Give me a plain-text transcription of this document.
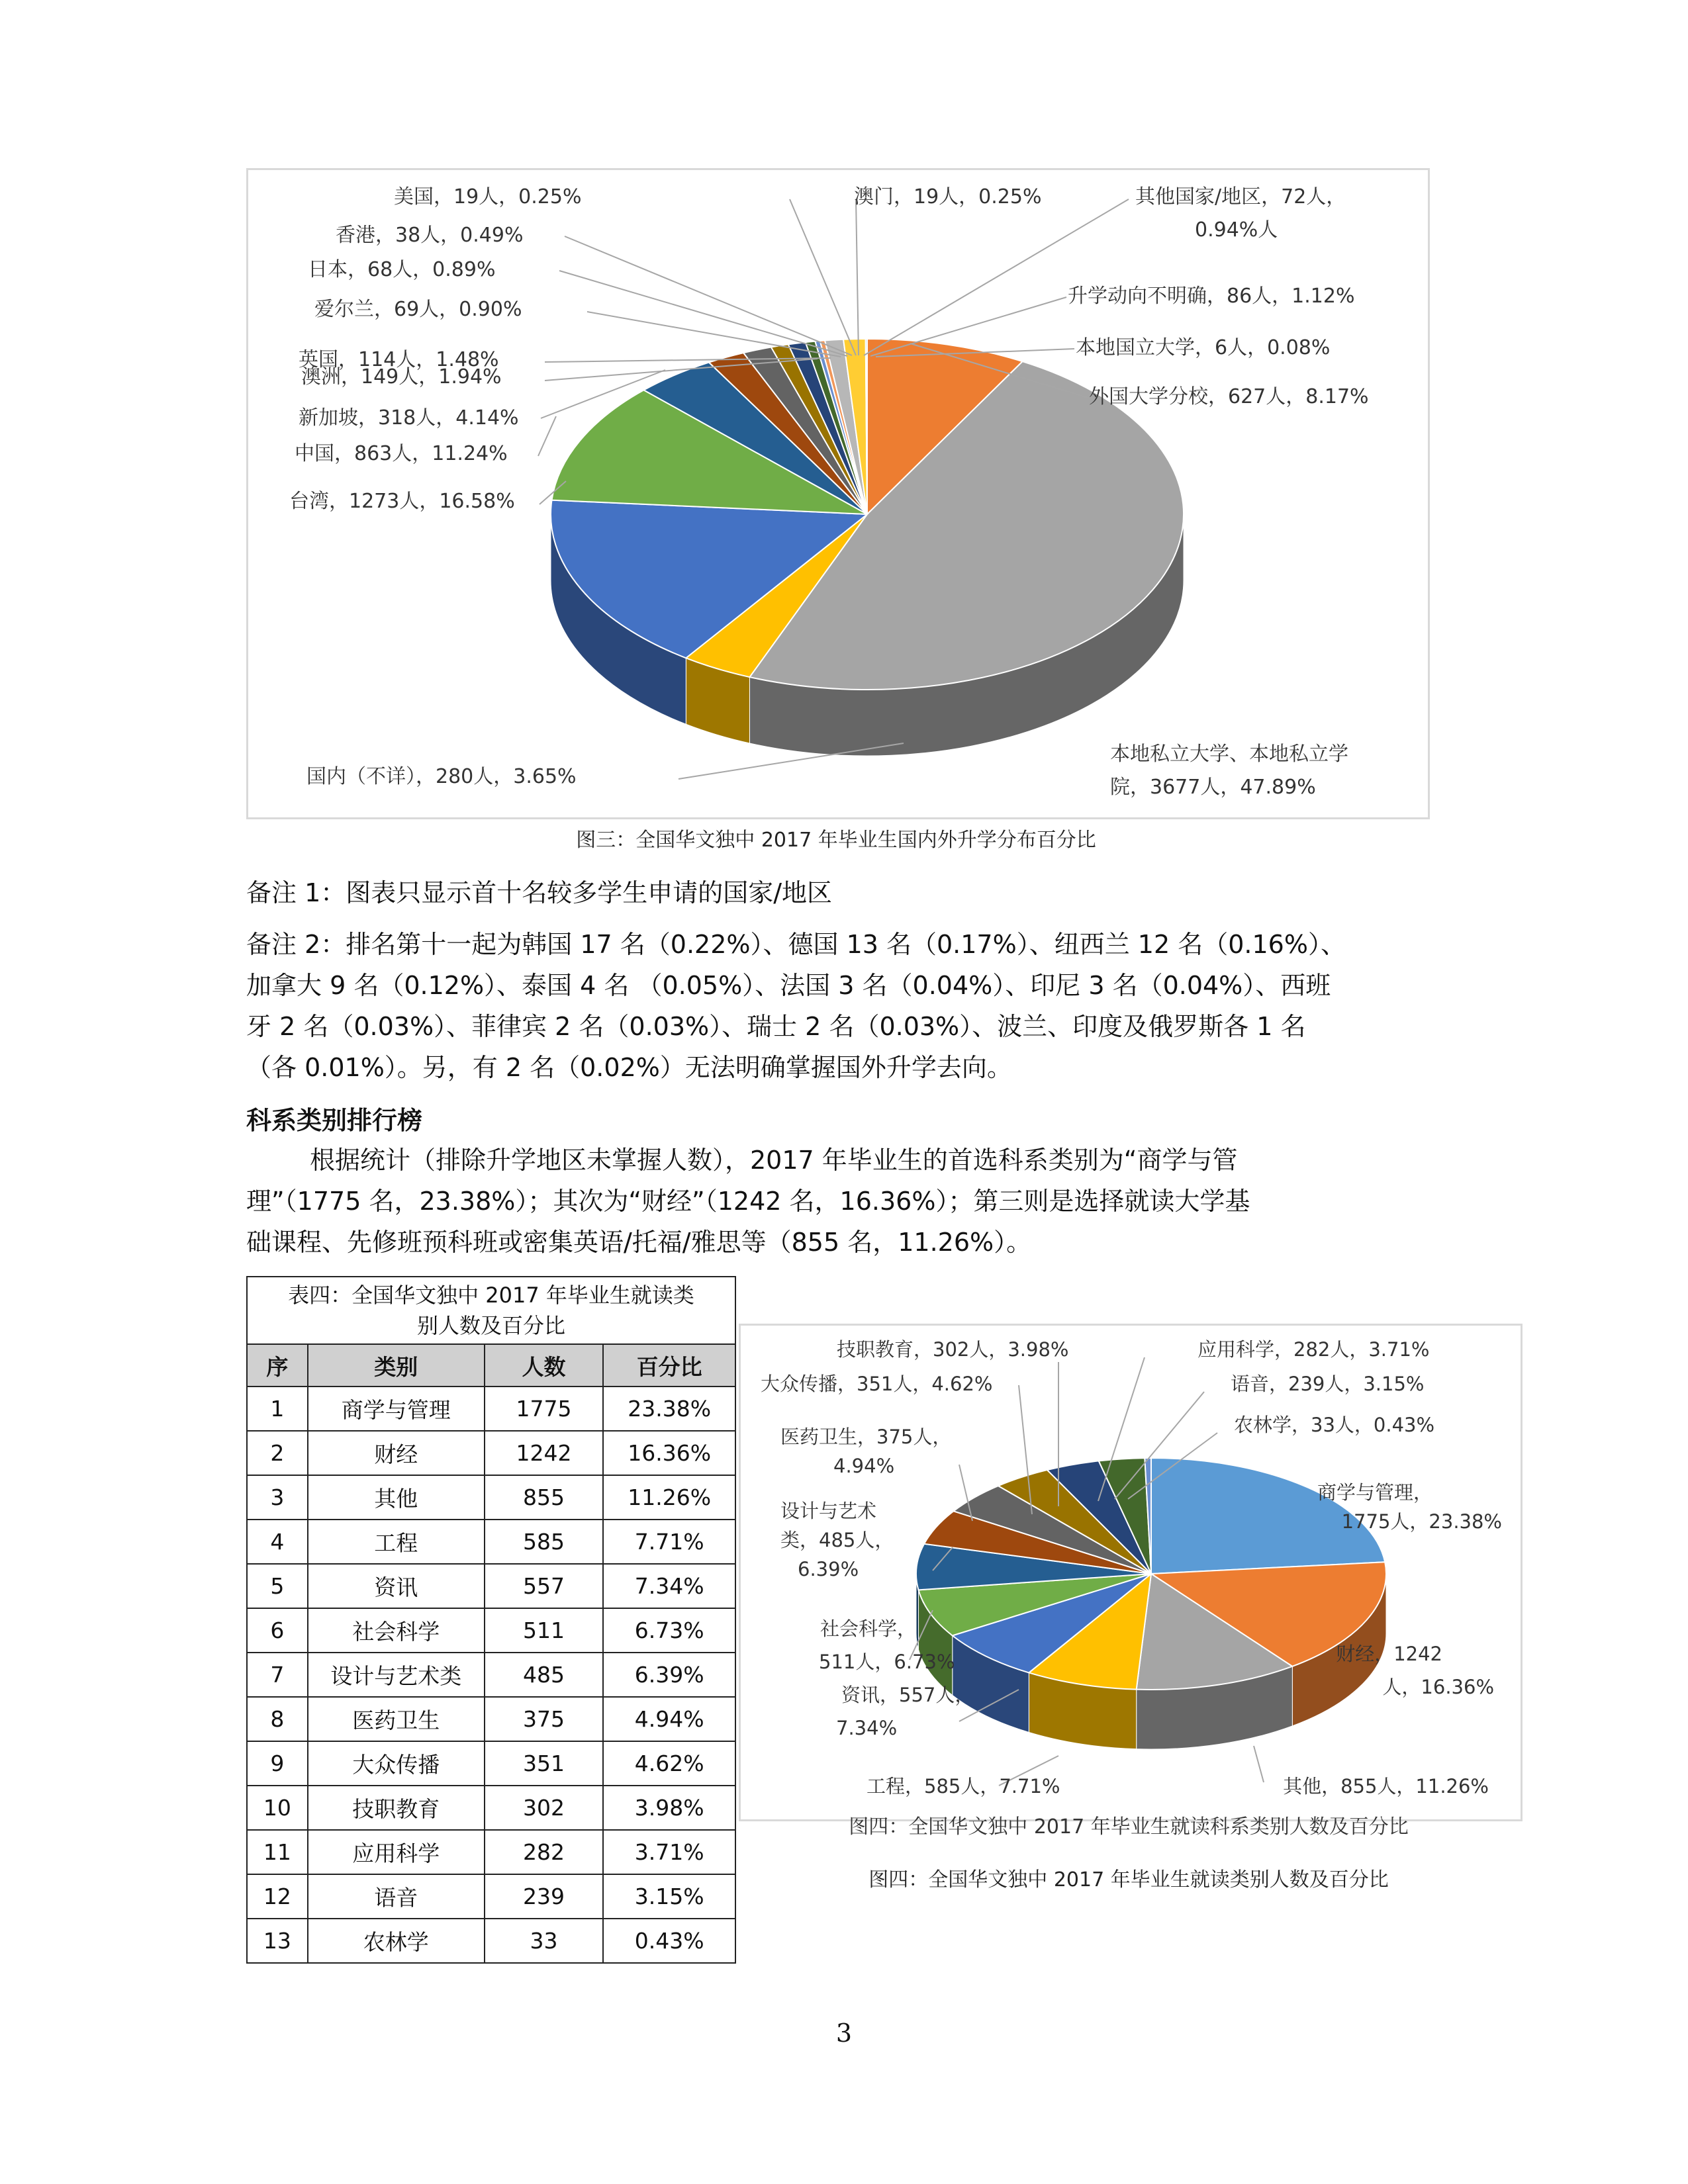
外国大学分校，627人，8.17%
本地私立大学、本地私立学
院，3677人，47.89%
国内（不详），280人，3.65%
台湾，1273人，16.58%
中国，863人，11.24%
新加坡，318人，4.14%
澳洲，149人，1.94%
英国，114人，1.48%
爱尔兰，69人，0.90%
日本，68人，0.89%
香港，38人，0.49%
美国，19人，0.25%	澳门，19人，0.25%	其他国家/地区，72人，
0.94%人
升学动向不明确，86人，1.12%
本地国立大学，6人，0.08%
图三：全国华文独中 2017 年毕业生国内外升学分布百分比
备注 1：图表只显示首十名较多学生申请的国家/地区
备注 2：排名第十一起为韩国 17 名（0.22%）、德国 13 名（0.17%）、纽西兰 12 名（0.16%）、
加拿大 9 名（0.12%）、泰国 4 名 （0.05%）、法国 3 名（0.04%）、印尼 3 名（0.04%）、西班
牙 2 名（0.03%）、菲律宾 2 名（0.03%）、瑞士 2 名（0.03%）、波兰、印度及俄罗斯各 1 名
（各 0.01%）。另，有 2 名（0.02%）无法明确掌握国外升学去向。
科系类别排行榜
根据统计（排除升学地区未掌握人数），2017 年毕业生的首选科系类别为“商学与管
理”（1775 名，23.38%）；其次为“财经”（1242 名，16.36%）；第三则是选择就读大学基
础课程、先修班预科班或密集英语/托福/雅思等（855 名，11.26%）。
表四：全国华文独中 2017 年毕业生就读类
别人数及百分比
序	类别	人数	百分比
1	商学与管理	1775	23.38%
2	财经	1242	16.36%
3	其他	855	11.26%
4	工程	585	7.71%
5	资讯	557	7.34%
6	社会科学	511	6.73%
7	设计与艺术类	485	6.39%
8	医药卫生	375	4.94%
9	大众传播	351	4.62%
10	技职教育	302	3.98%
11	应用科学	282	3.71%
12	语音	239	3.15%
13	农林学	33	0.43%
商学与管理，
1775人，23.38%
财经，1242
人，16.36%
其他，855人，11.26%
工程，585人，7.71%
资讯，557人，
7.34%
社会科学，
511人，6.73%
设计与艺术
类，485人，
6.39%
医药卫生，375人，
4.94%
大众传播，351人，4.62%
技职教育，302人，3.98%	应用科学，282人，3.71%
语音，239人，3.15%
农林学，33人，0.43%
图四：全国华文独中 2017 年毕业生就读科系类别人数及百分比
图四：全国华文独中 2017 年毕业生就读类别人数及百分比
3
